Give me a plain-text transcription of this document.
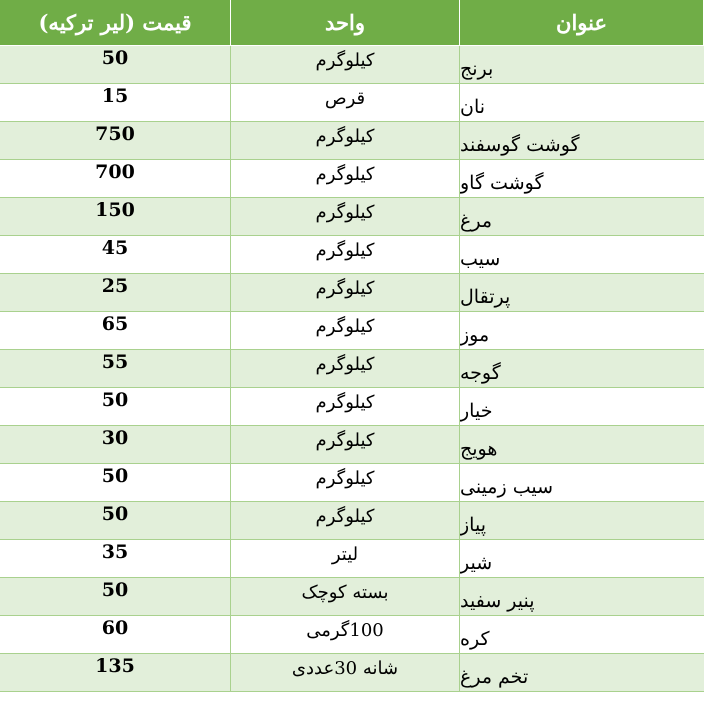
قیمت (لیر ترکیه)	واحد	عنوان
50	کیلوگرم	برنج
15	قرص	نان
750	کیلوگرم	گوشت گوسفند
700	کیلوگرم	گوشت گاو
150	کیلوگرم	مرغ
45	کیلوگرم	سیب
25	کیلوگرم	پرتقال
65	کیلوگرم	موز
55	کیلوگرم	گوجه
50	کیلوگرم	خیار
30	کیلوگرم	هویج
50	کیلوگرم	سیب زمینی
50	کیلوگرم	پیاز
35	لیتر	شیر
50	بسته کوچک	پنیر سفید
60	100گرمی	کره
135	شانه 30عددی	تخم مرغ
